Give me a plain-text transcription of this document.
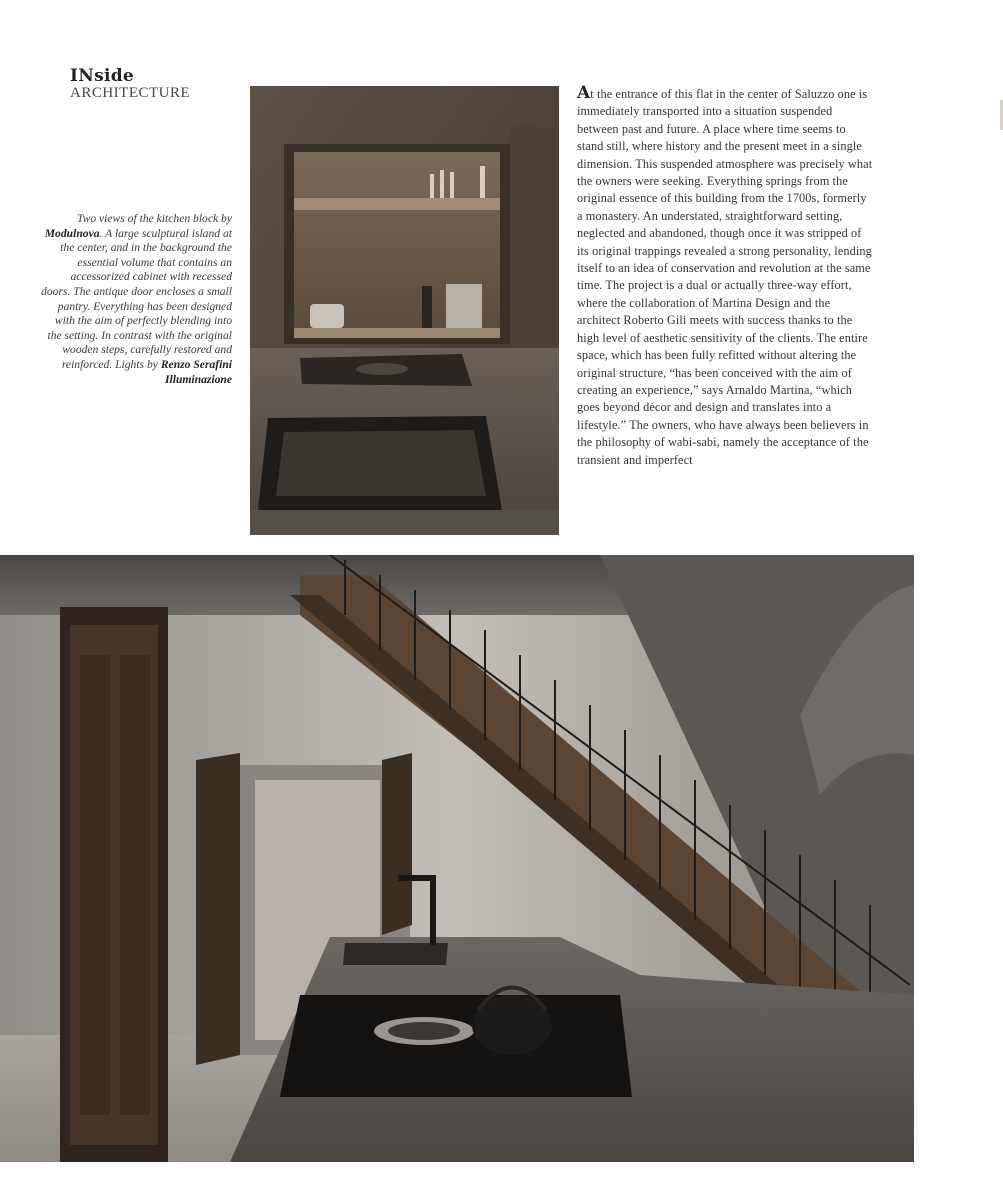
INside
ARCHITECTURE
Two views of the kitchen block by Modulnova. A large sculptural island at the center, and in the background the essential volume that contains an accessorized cabinet with recessed doors. The antique door encloses a small pantry. Everything has been designed with the aim of perfectly blending into the setting. In contrast with the original wooden steps, carefully restored and reinforced. Lights by Renzo Serafini Illuminazione
At the entrance of this flat in the center of Saluzzo one is immediately transported into a situation suspended between past and future. A place where time seems to stand still, where history and the present meet in a single dimension. This suspended atmosphere was precisely what the owners were seeking. Everything springs from the original essence of this building from the 1700s, formerly a monastery. An understated, straightforward setting, neglected and abandoned, though once it was stripped of its original trappings revealed a strong personality, lending itself to an idea of conservation and revolution at the same time. The project is a dual or actually three-way effort, where the collaboration of Martina Design and the architect Roberto Gili meets with success thanks to the high level of aesthetic sensitivity of the clients. The entire space, which has been fully refitted without altering the original structure, “has been conceived with the aim of creating an experience,” says Arnaldo Martina, “which goes beyond décor and design and translates into a lifestyle.” The owners, who have always been believers in the philosophy of wabi-sabi, namely the acceptance of the transient and imperfect
